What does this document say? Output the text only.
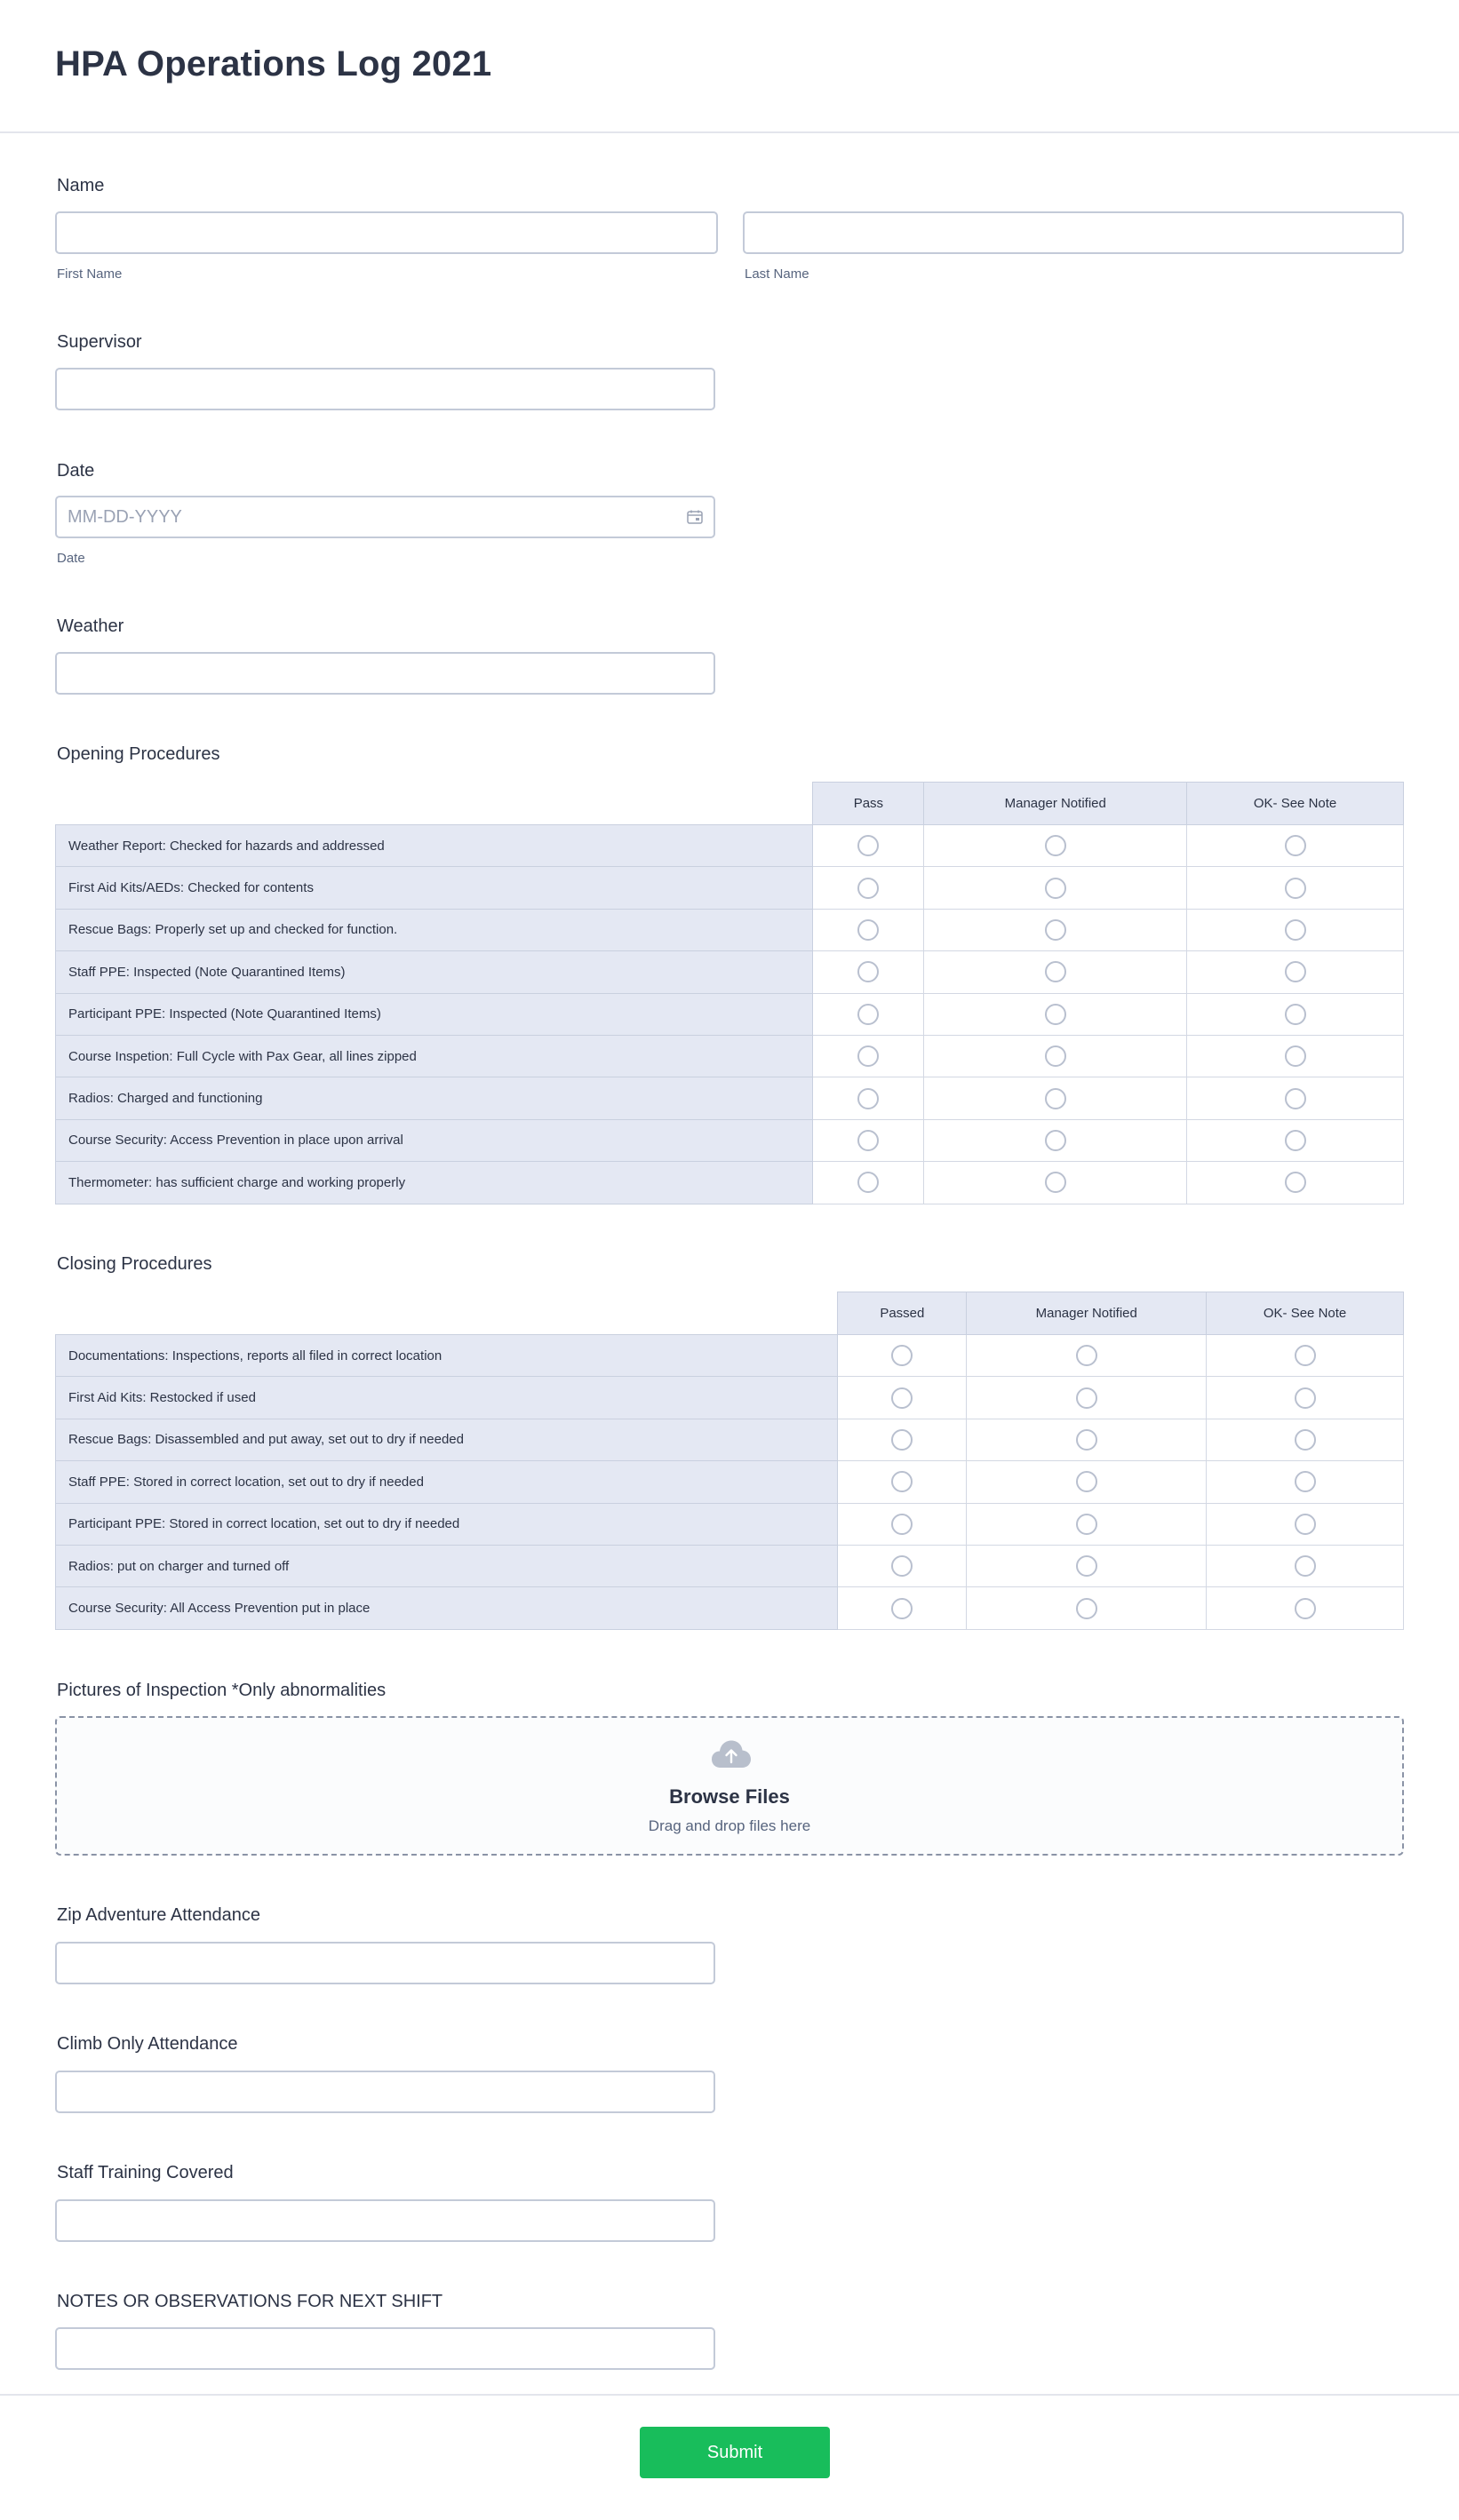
HPA Operations Log 2021
Name
First Name	Last Name
Supervisor
Date
MM-DD-YYYY
Date
Weather
Opening Procedures
	Pass	Manager Notified	OK- See Note
Weather Report: Checked for hazards and addressed			
First Aid Kits/AEDs: Checked for contents			
Rescue Bags: Properly set up and checked for function.			
Staff PPE: Inspected (Note Quarantined Items)			
Participant PPE: Inspected (Note Quarantined Items)			
Course Inspetion: Full Cycle with Pax Gear, all lines zipped			
Radios: Charged and functioning			
Course Security: Access Prevention in place upon arrival			
Thermometer: has sufficient charge and working properly			
Closing Procedures
	Passed	Manager Notified	OK- See Note
Documentations: Inspections, reports all filed in correct location			
First Aid Kits: Restocked if used			
Rescue Bags: Disassembled and put away, set out to dry if needed			
Staff PPE: Stored in correct location, set out to dry if needed			
Participant PPE: Stored in correct location, set out to dry if needed			
Radios: put on charger and turned off			
Course Security: All Access Prevention put in place			
Pictures of Inspection *Only abnormalities
Browse Files
Drag and drop files here
Zip Adventure Attendance
Climb Only Attendance
Staff Training Covered
NOTES OR OBSERVATIONS FOR NEXT SHIFT
Submit
